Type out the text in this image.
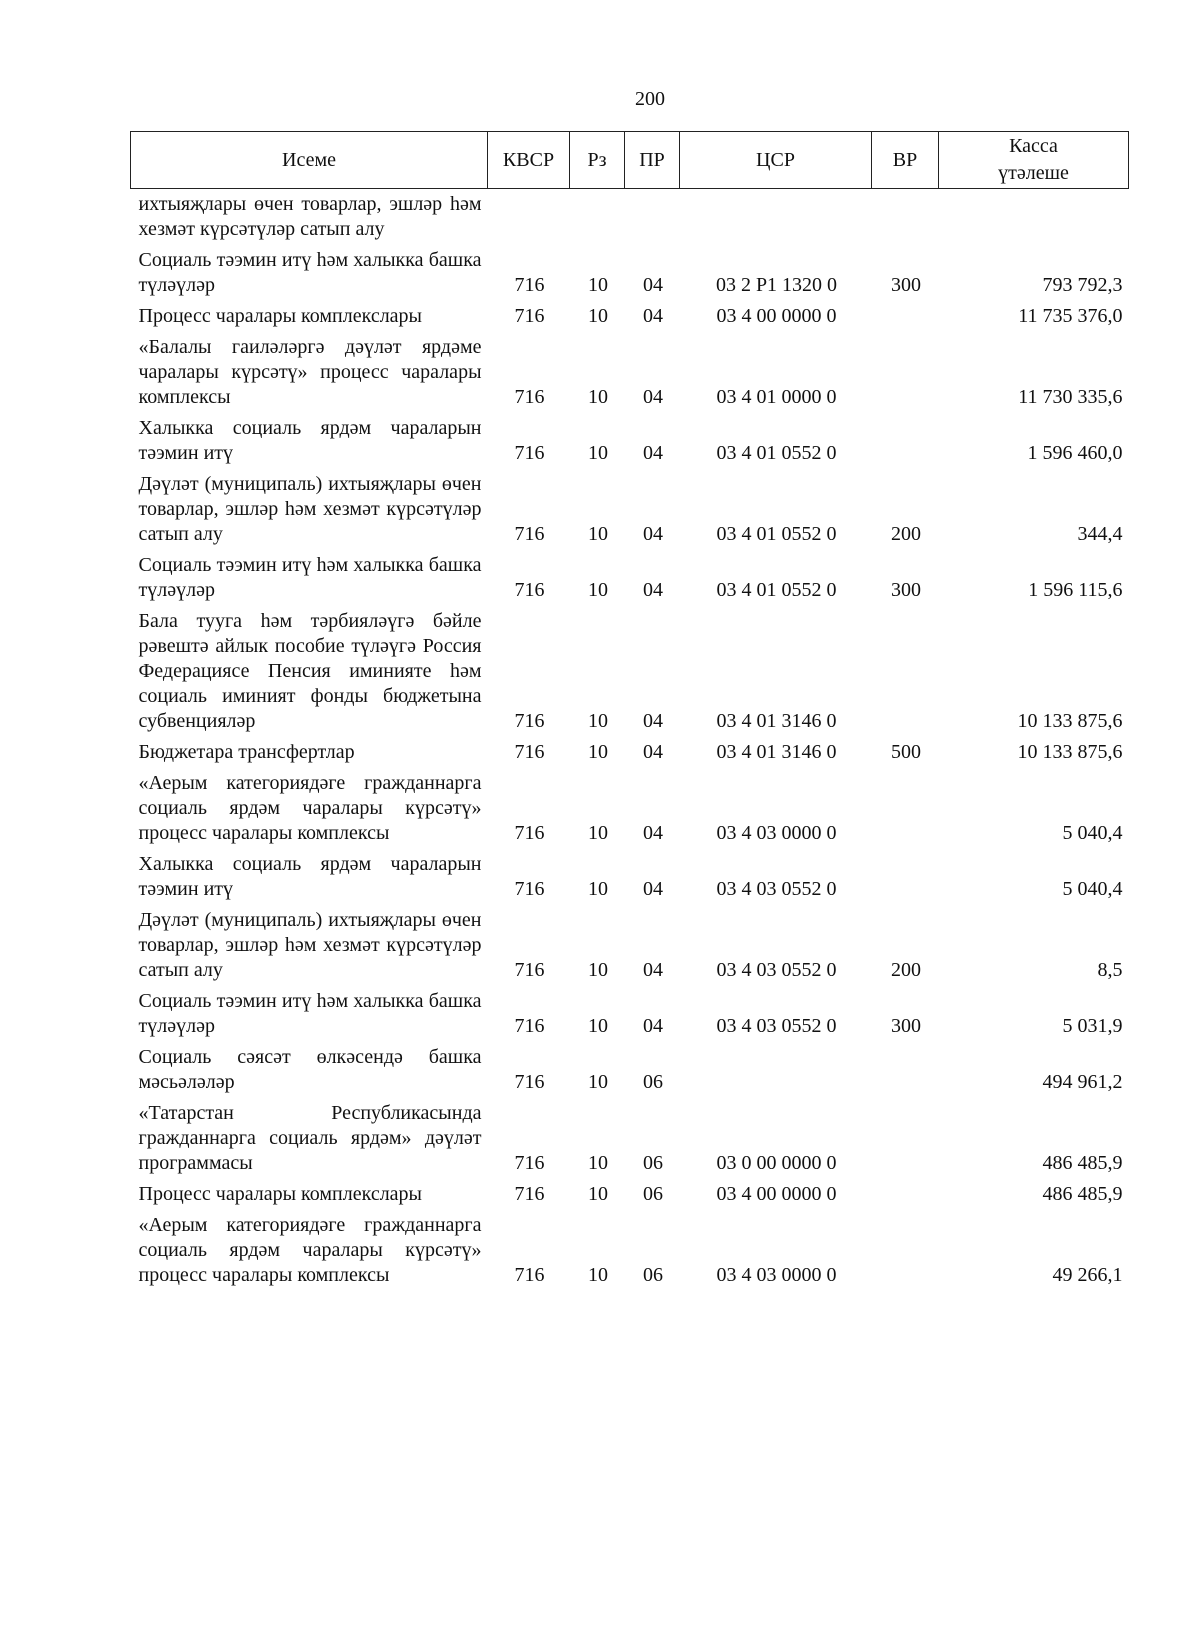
200
Исеме	КВСР	Рз	ПР	ЦСР	ВР	Касса
үтәлеше

ихтыяҗлары өчен товарлар, эшләр һәм хезмәт күрсәтүләр сатып алу						
Социаль тәэмин итү һәм халыкка башка түләүләр	716	10	04	03 2 P1 1320 0	300	793 792,3
Процесс чаралары комплекслары	716	10	04	03 4 00 0000 0		11 735 376,0
«Балалы гаиләләргә дәүләт ярдәме чаралары күрсәтү» процесс чаралары комплексы	716	10	04	03 4 01 0000 0		11 730 335,6
Халыкка социаль ярдәм чараларын тәэмин итү	716	10	04	03 4 01 0552 0		1 596 460,0
Дәүләт (муниципаль) ихтыяҗлары өчен товарлар, эшләр һәм хезмәт күрсәтүләр сатып алу	716	10	04	03 4 01 0552 0	200	344,4
Социаль тәэмин итү һәм халыкка башка түләүләр	716	10	04	03 4 01 0552 0	300	1 596 115,6
Бала тууга һәм тәрбияләүгә бәйле рәвештә айлык пособие түләүгә Россия Федерациясе Пенсия иминияте һәм социаль иминият фонды бюджетына субвенцияләр	716	10	04	03 4 01 3146 0		10 133 875,6
Бюджетара трансфертлар	716	10	04	03 4 01 3146 0	500	10 133 875,6
«Аерым категориядәге гражданнарга социаль ярдәм чаралары күрсәтү» процесс чаралары комплексы	716	10	04	03 4 03 0000 0		5 040,4
Халыкка социаль ярдәм чараларын тәэмин итү	716	10	04	03 4 03 0552 0		5 040,4
Дәүләт (муниципаль) ихтыяҗлары өчен товарлар, эшләр һәм хезмәт күрсәтүләр сатып алу	716	10	04	03 4 03 0552 0	200	8,5
Социаль тәэмин итү һәм халыкка башка түләүләр	716	10	04	03 4 03 0552 0	300	5 031,9
Социаль сәясәт өлкәсендә башка мәсьәләләр	716	10	06			494 961,2
«Татарстан Республикасында гражданнарга социаль ярдәм» дәүләт программасы	716	10	06	03 0 00 0000 0		486 485,9
Процесс чаралары комплекслары	716	10	06	03 4 00 0000 0		486 485,9
«Аерым категориядәге гражданнарга социаль ярдәм чаралары күрсәтү» процесс чаралары комплексы	716	10	06	03 4 03 0000 0		49 266,1
